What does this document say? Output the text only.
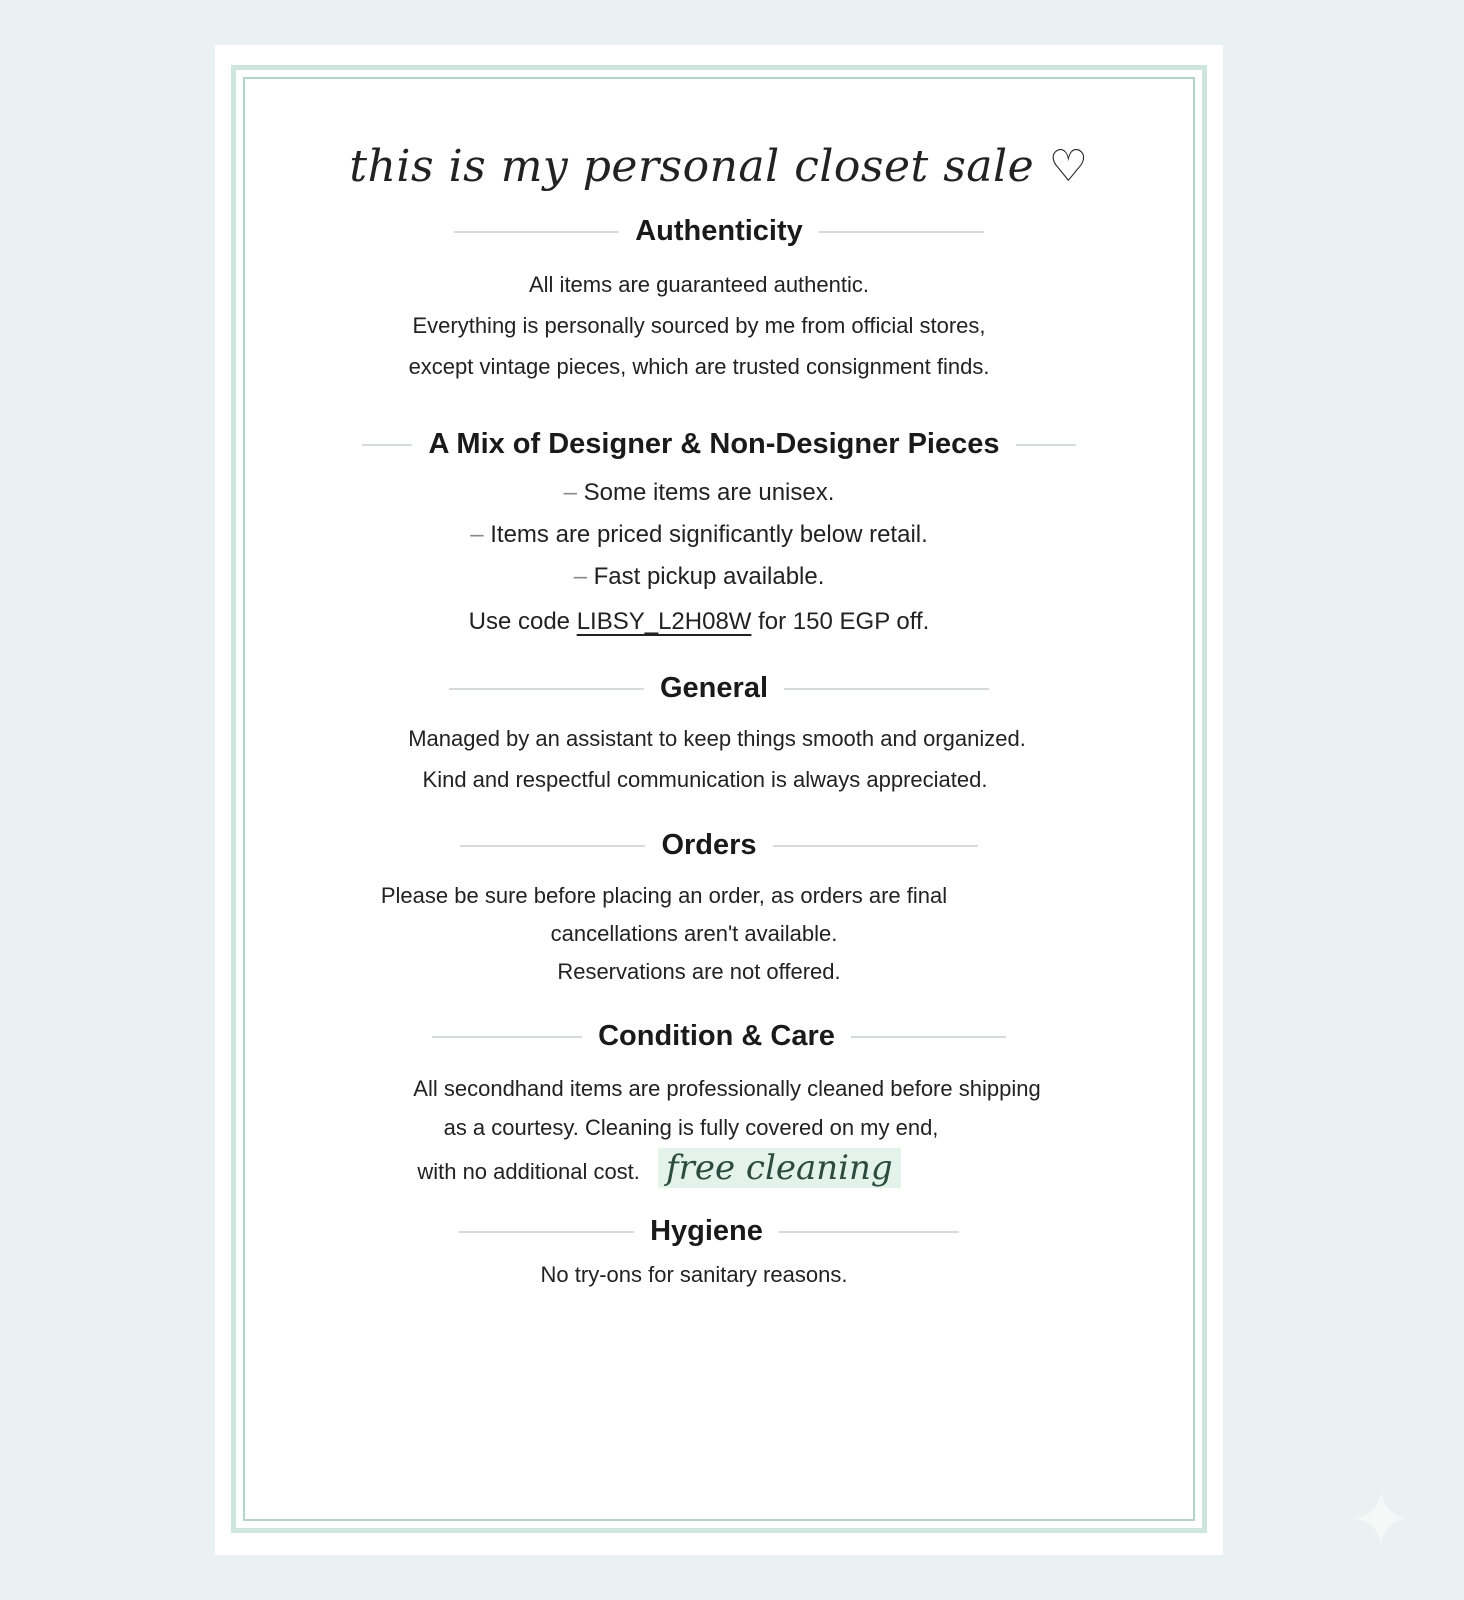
this is my personal closet sale ♡
Authenticity
All items are guaranteed authentic.
Everything is personally sourced by me from official stores,
except vintage pieces, which are trusted consignment finds.
A Mix of Designer & Non-Designer Pieces
– Some items are unisex.
– Items are priced significantly below retail.
– Fast pickup available.
Use code LIBSY_L2H08W for 150 EGP off.
General
Managed by an assistant to keep things smooth and organized.
Kind and respectful communication is always appreciated.
Orders
Please be sure before placing an order, as orders are final
cancellations aren't available.
Reservations are not offered.
Condition & Care
All secondhand items are professionally cleaned before shipping
as a courtesy. Cleaning is fully covered on my end,
with no additional cost. free cleaning
Hygiene
No try-ons for sanitary reasons.
✦
